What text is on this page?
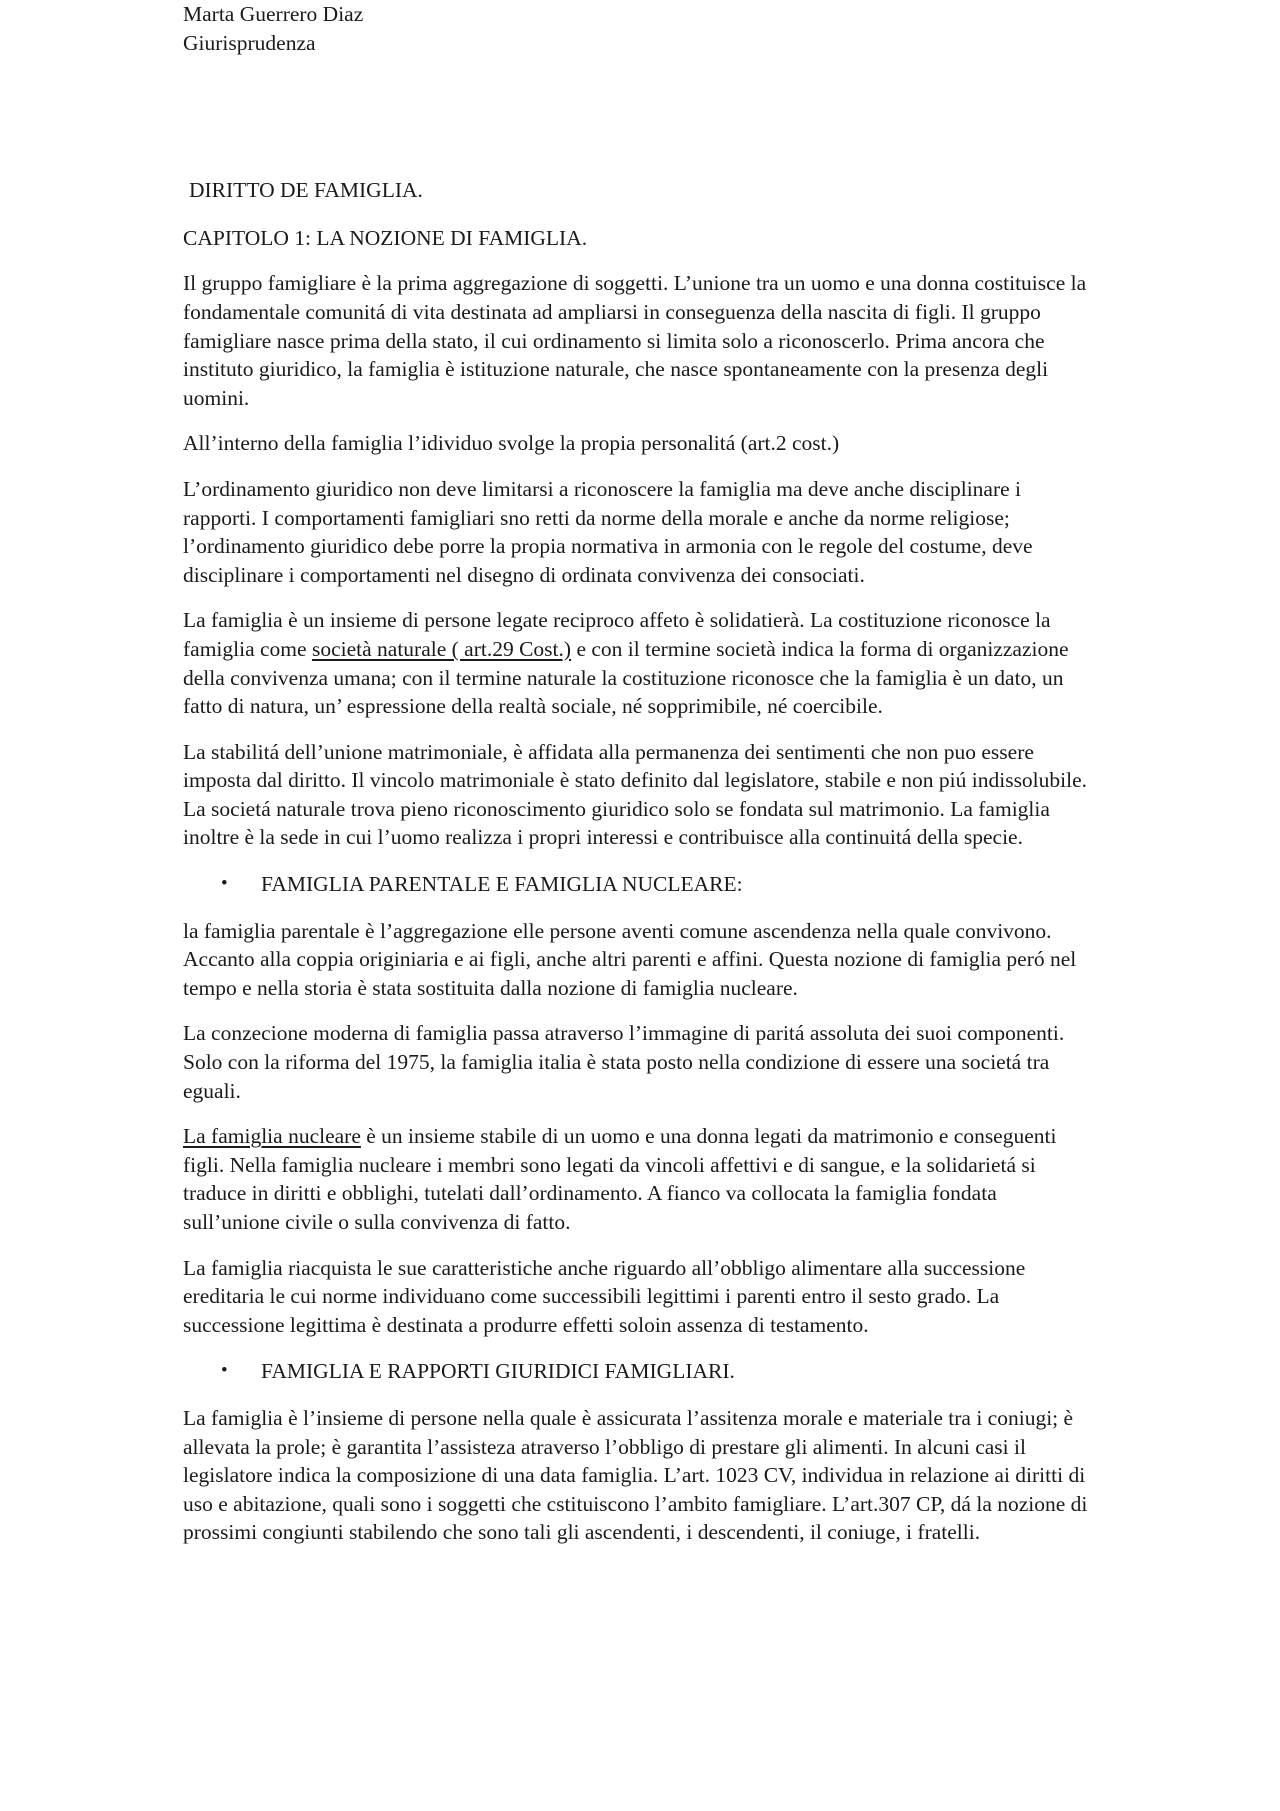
Marta Guerrero Diaz
Giurisprudenza
DIRITTO DE FAMIGLIA.
CAPITOLO 1: LA NOZIONE DI FAMIGLIA.

Il gruppo famigliare è la prima aggregazione di soggetti. L’unione tra un uomo e una donna costituisce la fondamentale comunitá di vita destinata ad ampliarsi in conseguenza della nascita di figli. Il gruppo famigliare nasce prima della stato, il cui ordinamento si limita solo a riconoscerlo. Prima ancora che instituto giuridico, la famiglia è istituzione naturale, che nasce spontaneamente con la presenza degli uomini.

All’interno della famiglia l’idividuo svolge la propia personalitá (art.2 cost.)

L’ordinamento giuridico non deve limitarsi a riconoscere la famiglia ma deve anche disciplinare i rapporti. I comportamenti famigliari sno retti da norme della morale e anche da norme religiose; l’ordinamento giuridico debe porre la propia normativa in armonia con le regole del costume, deve disciplinare i comportamenti nel disegno di ordinata convivenza dei consociati.

La famiglia è un insieme di persone legate reciproco affeto è solidatierà. La costituzione riconosce la famiglia come società naturale ( art.29 Cost.) e con il termine società indica la forma di organizzazione della convivenza umana; con il termine naturale la costituzione riconosce che la famiglia è un dato, un fatto di natura, un’ espressione della realtà sociale, né sopprimibile, né coercibile.

La stabilitá dell’unione matrimoniale, è affidata alla permanenza dei sentimenti che non puo essere imposta dal diritto. Il vincolo matrimoniale è stato definito dal legislatore, stabile e non piú indissolubile. La societá naturale trova pieno riconoscimento giuridico solo se fondata sul matrimonio. La famiglia inoltre è la sede in cui l’uomo realizza i propri interessi e contribuisce alla continuitá della specie.

•	FAMIGLIA PARENTALE E FAMIGLIA NUCLEARE:

la famiglia parentale è l’aggregazione elle persone aventi comune ascendenza nella quale convivono. Accanto alla coppia originiaria e ai figli, anche altri parenti e affini. Questa nozione di famiglia peró nel tempo e nella storia è stata sostituita dalla nozione di famiglia nucleare.

La conzecione moderna di famiglia passa atraverso l’immagine di paritá assoluta dei suoi componenti. Solo con la riforma del 1975, la famiglia italia è stata posto nella condizione di essere una societá tra eguali.

La famiglia nucleare è un insieme stabile di un uomo e una donna legati da matrimonio e conseguenti figli. Nella famiglia nucleare i membri sono legati da vincoli affettivi e di sangue, e la solidarietá si traduce in diritti e obblighi, tutelati dall’ordinamento. A fianco va collocata la famiglia fondata sull’unione civile o sulla convivenza di fatto.

La famiglia riacquista le sue caratteristiche anche riguardo all’obbligo alimentare alla successione ereditaria le cui norme individuano come successibili legittimi i parenti entro il sesto grado. La successione legittima è destinata a produrre effetti soloin assenza di testamento.

•	FAMIGLIA E RAPPORTI GIURIDICI FAMIGLIARI.

La famiglia è l’insieme di persone nella quale è assicurata l’assitenza morale e materiale tra i coniugi; è allevata la prole; è garantita l’assisteza atraverso l’obbligo di prestare gli alimenti. In alcuni casi il legislatore indica la composizione di una data famiglia. L’art. 1023 CV, individua in relazione ai diritti di uso e abitazione, quali sono i soggetti che cstituiscono l’ambito famigliare. L’art.307 CP, dá la nozione di prossimi congiunti stabilendo che sono tali gli ascendenti, i descendenti, il coniuge, i fratelli.
